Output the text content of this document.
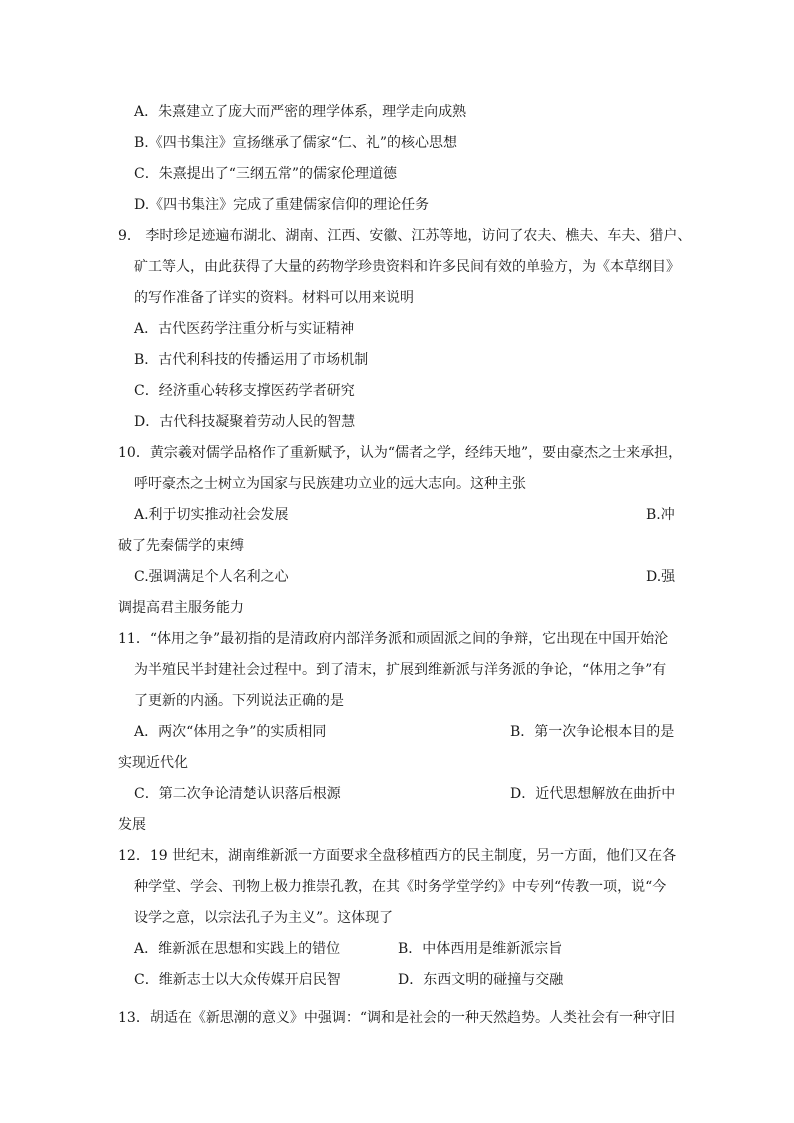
A．朱熹建立了庞大而严密的理学体系，理学走向成熟
B.《四书集注》宣扬继承了儒家“仁、礼”的核心思想
C．朱熹提出了“三纲五常”的儒家伦理道德
D.《四书集注》完成了重建儒家信仰的理论任务
9． 李时珍足迹遍布湖北、湖南、江西、安徽、江苏等地，访问了农夫、樵夫、车夫、猎户、
矿工等人，由此获得了大量的药物学珍贵资料和许多民间有效的单验方，为《本草纲目》
的写作准备了详实的资料。材料可以用来说明
A．古代医药学注重分析与实证精神
B．古代利科技的传播运用了市场机制
C．经济重心转移支撑医药学者研究
D．古代科技凝聚着劳动人民的智慧
10．黄宗羲对儒学品格作了重新赋予，认为“儒者之学，经纬天地”，要由豪杰之士来承担，
呼吁豪杰之士树立为国家与民族建功立业的远大志向。这种主张
A.利于切实推动社会发展	B.冲
破了先秦儒学的束缚
C.强调满足个人名利之心	D.强
调提高君主服务能力
11．“体用之争”最初指的是清政府内部洋务派和顽固派之间的争辩，它出现在中国开始沦
为半殖民半封建社会过程中。到了清末，扩展到维新派与洋务派的争论，“体用之争”有
了更新的内涵。下列说法正确的是
A．两次“体用之争”的实质相同	B．第一次争论根本目的是
实现近代化
C．第二次争论清楚认识落后根源	D．近代思想解放在曲折中
发展
12．19 世纪末，湖南维新派一方面要求全盘移植西方的民主制度，另一方面，他们又在各
种学堂、学会、刊物上极力推崇孔教，在其《时务学堂学约》中专列“传教一项，说“今
设学之意，以宗法孔子为主义”。这体现了
A．维新派在思想和实践上的错位	B．中体西用是维新派宗旨
C．维新志士以大众传媒开启民智	D．东西文明的碰撞与交融
13．胡适在《新思潮的意义》中强调：“调和是社会的一种天然趋势。人类社会有一种守旧
